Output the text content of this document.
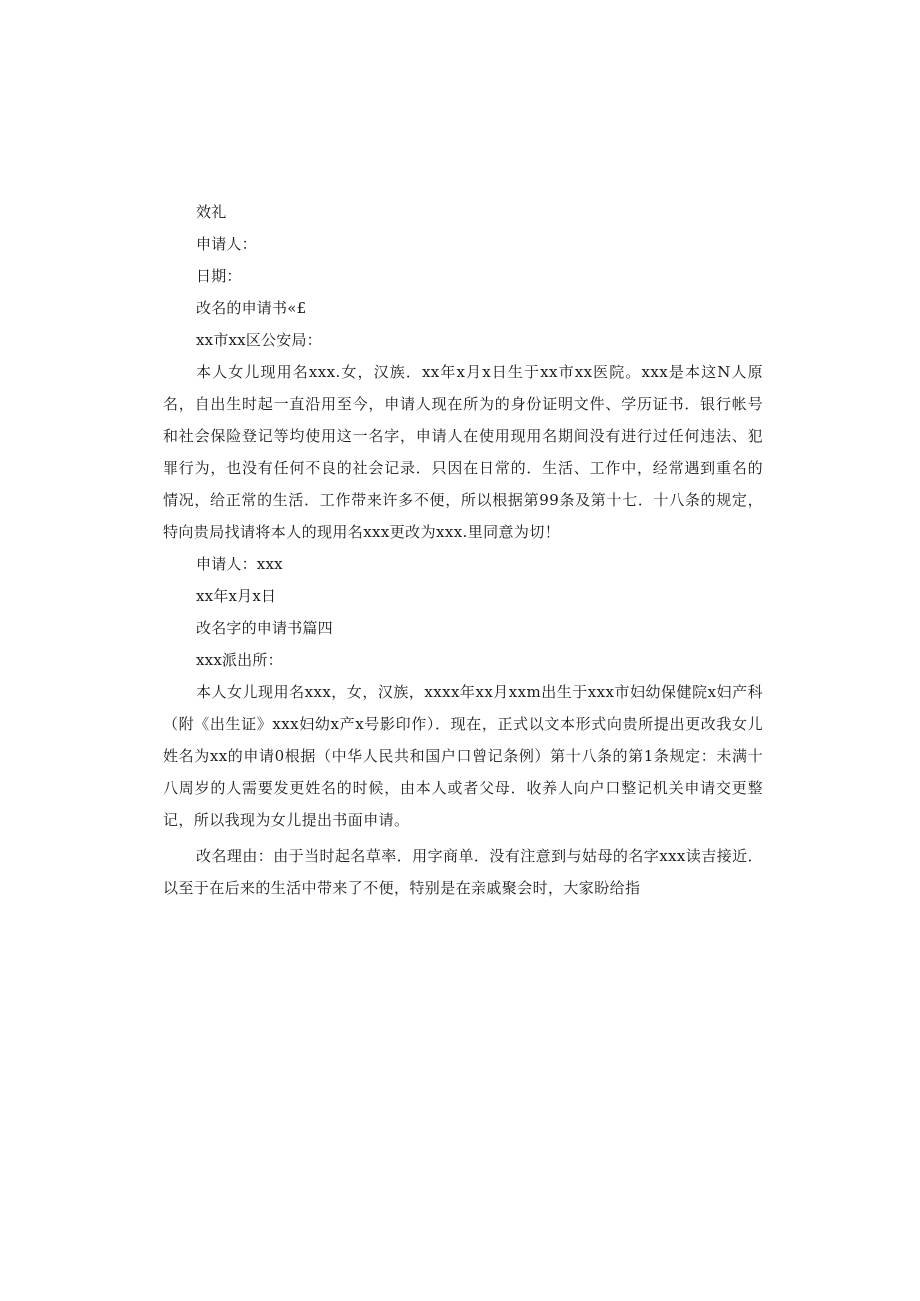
效礼
申请人：
日期：
改名的申请书«£
xx市xx区公安局：

本人女儿现用名xxx.女，汉族．xx年x月x日生于xx市xx医院。xxx是本这N人原名，自出生时起一直沿用至今，申请人现在所为的身份证明文件、学历证书．银行帐号和社会保险登记等均使用这一名字，申请人在使用现用名期间没有进行过任何违法、犯罪行为，也没有任何不良的社会记录．只因在日常的．生活、工作中，经常遇到重名的情况，给正常的生活．工作带来许多不便，所以根据第99条及第十七．十八条的规定，特向贵局找请将本人的现用名xxx更改为xxx.里同意为切！

申请人：xxx
xx年x月x日
改名字的申请书篇四
xxx派出所：

本人女儿现用名xxx，女，汉族，xxxx年xx月xxm出生于xxx市妇幼保健院x妇产科（附《出生证》xxx妇幼x产x号影印作）．现在，正式以文本形式向贵所提出更改我女儿姓名为xx的申请0根据（中华人民共和国户口曾记条例）第十八条的第1条规定：未满十八周岁的人需要发更姓名的时候，由本人或者父母．收养人向户口整记机关申请交更整记，所以我现为女儿提出书面申请。

改名理由：由于当时起名草率．用字商单．没有注意到与姑母的名字xxx读吉接近．以至于在后来的生活中带来了不便，特别是在亲戚聚会时，大家盼给指
